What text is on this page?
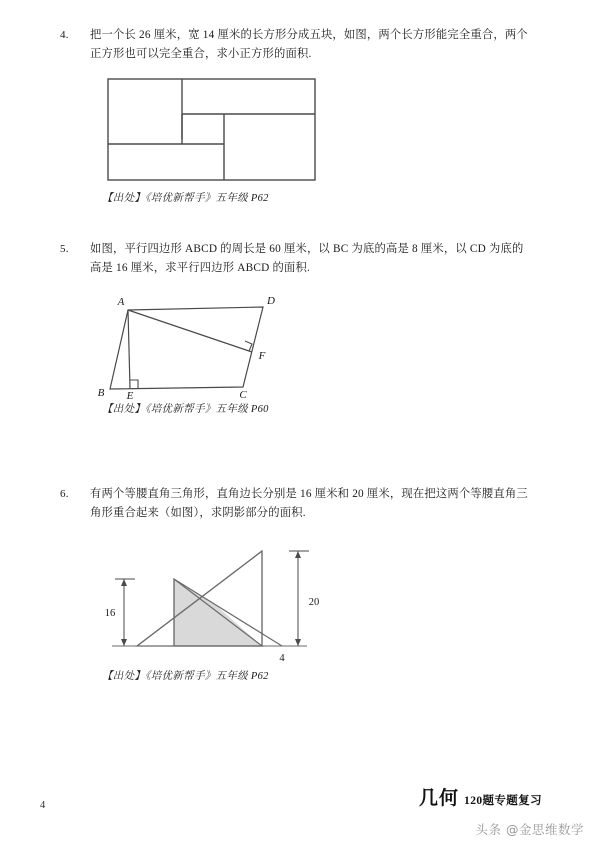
4.	把一个长 26 厘米，宽 14 厘米的长方形分成五块，如图，两个长方形能完全重合，两个
正方形也可以完全重合，求小正方形的面积.
【出处】《培优新帮手》五年级 P62
5.	如图，平行四边形 ABCD 的周长是 60 厘米，以 BC 为底的高是 8 厘米，以 CD 为底的
高是 16 厘米，求平行四边形 ABCD 的面积.
A
B	C
D
E
F
【出处】《培优新帮手》五年级 P60
6.	有两个等腰直角三角形，直角边长分别是 16 厘米和 20 厘米，现在把这两个等腰直角三
角形重合起来（如图），求阴影部分的面积.
16
20
4
【出处】《培优新帮手》五年级 P62
几何 120题专题复习
4
头条 @金思维数学
